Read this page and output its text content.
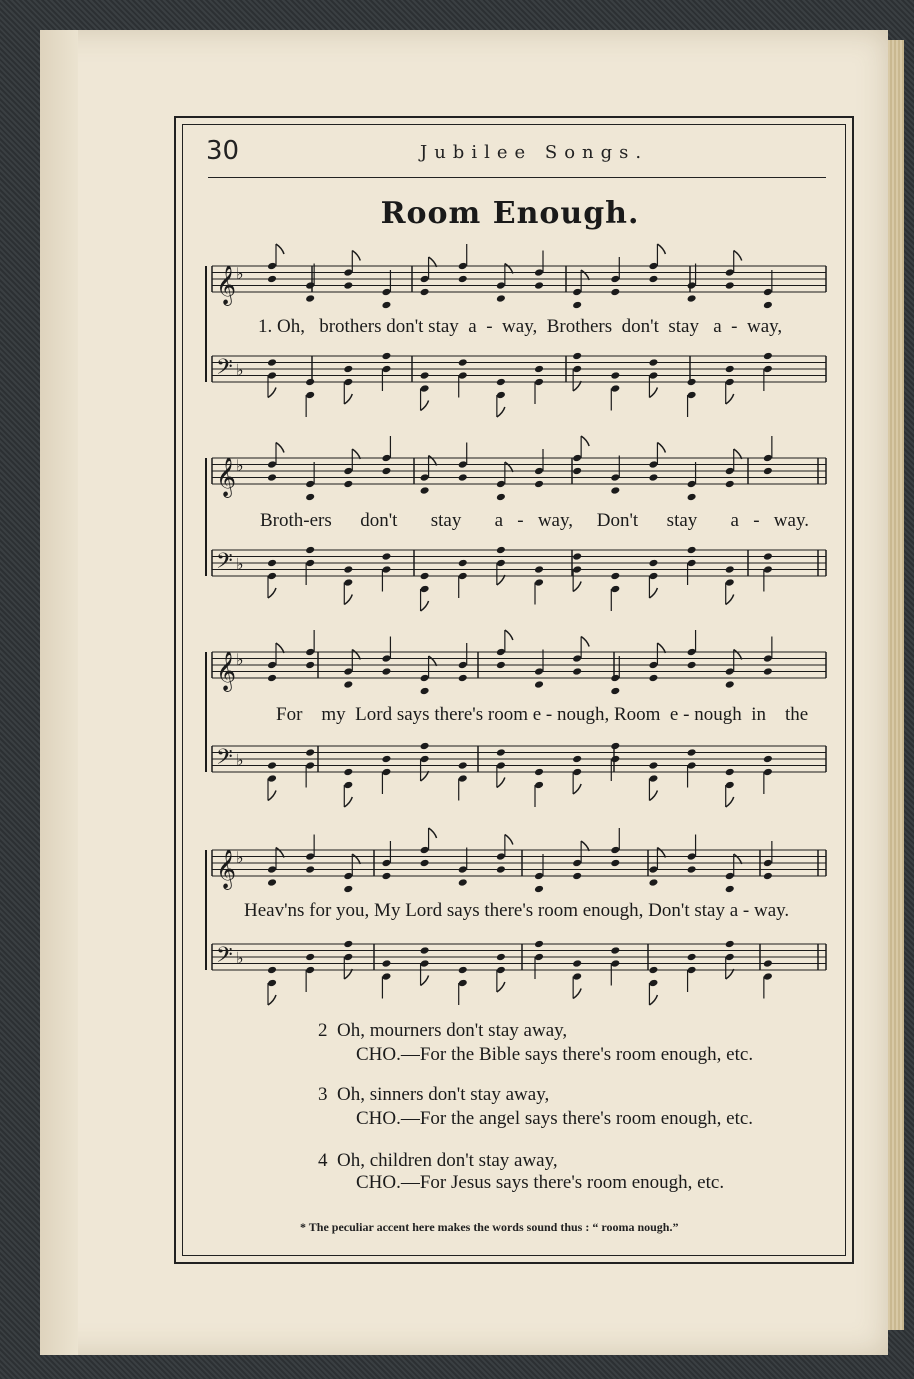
30	Jubilee Songs.
Room Enough.
𝄞 ♭
𝄢 ♭
𝄞 ♭
𝄢 ♭
𝄞 ♭
𝄢 ♭
𝄞 ♭
𝄢 ♭
1. Oh,   brothers don't stay  a  -  way,  Brothers  don't  stay   a  -  way,
Broth-ers      don't       stay       a   -   way,     Don't      stay       a   -   way.
For    my  Lord says there's room e - nough, Room  e - nough  in    the
Heav'ns for you, My Lord says there's room enough, Don't stay a - way.
2  Oh, mourners don't stay away,
CHO.—For the Bible says there's room enough, etc.
3  Oh, sinners don't stay away,
CHO.—For the angel says there's room enough, etc.
4  Oh, children don't stay away,
CHO.—For Jesus says there's room enough, etc.
* The peculiar accent here makes the words sound thus : “ rooma nough.”
